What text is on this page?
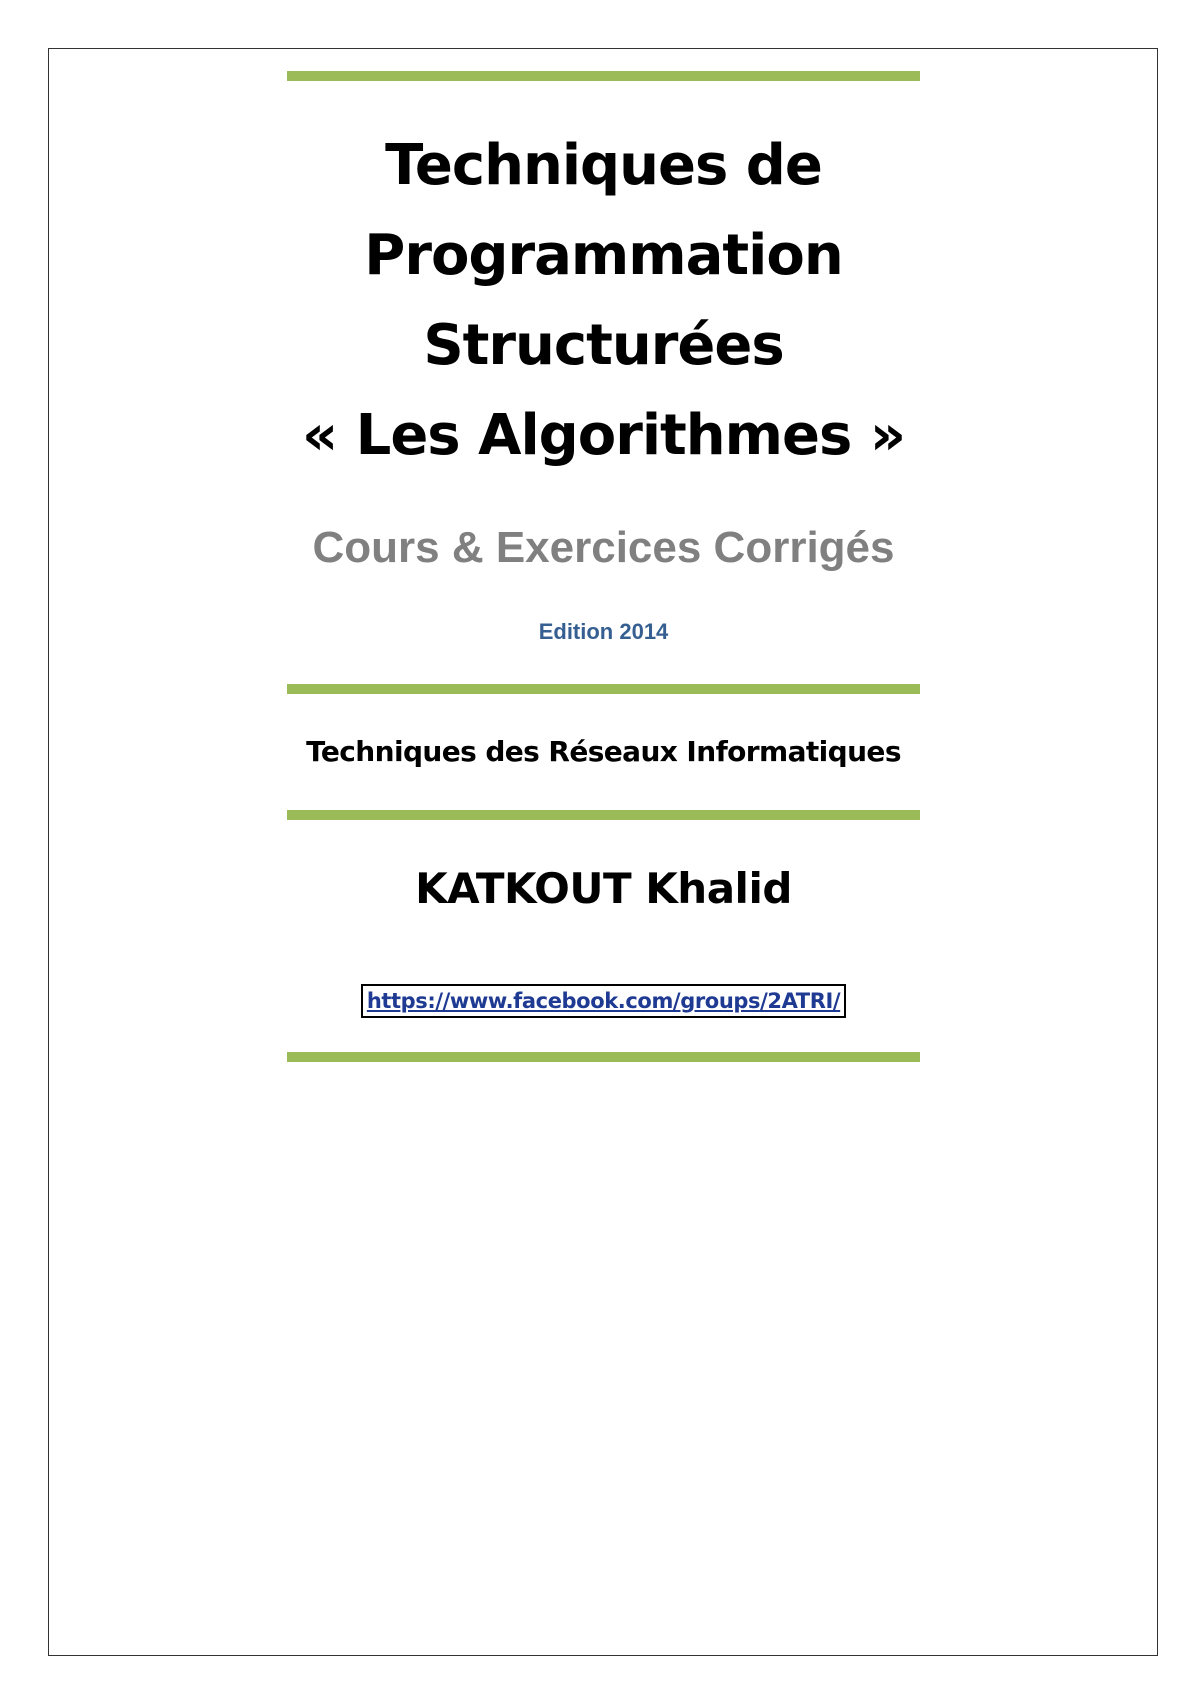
Techniques de
Programmation
Structurées
« Les Algorithmes »
Cours & Exercices Corrigés
Edition 2014
Techniques des Réseaux Informatiques
KATKOUT Khalid
https://www.facebook.com/groups/2ATRI/
